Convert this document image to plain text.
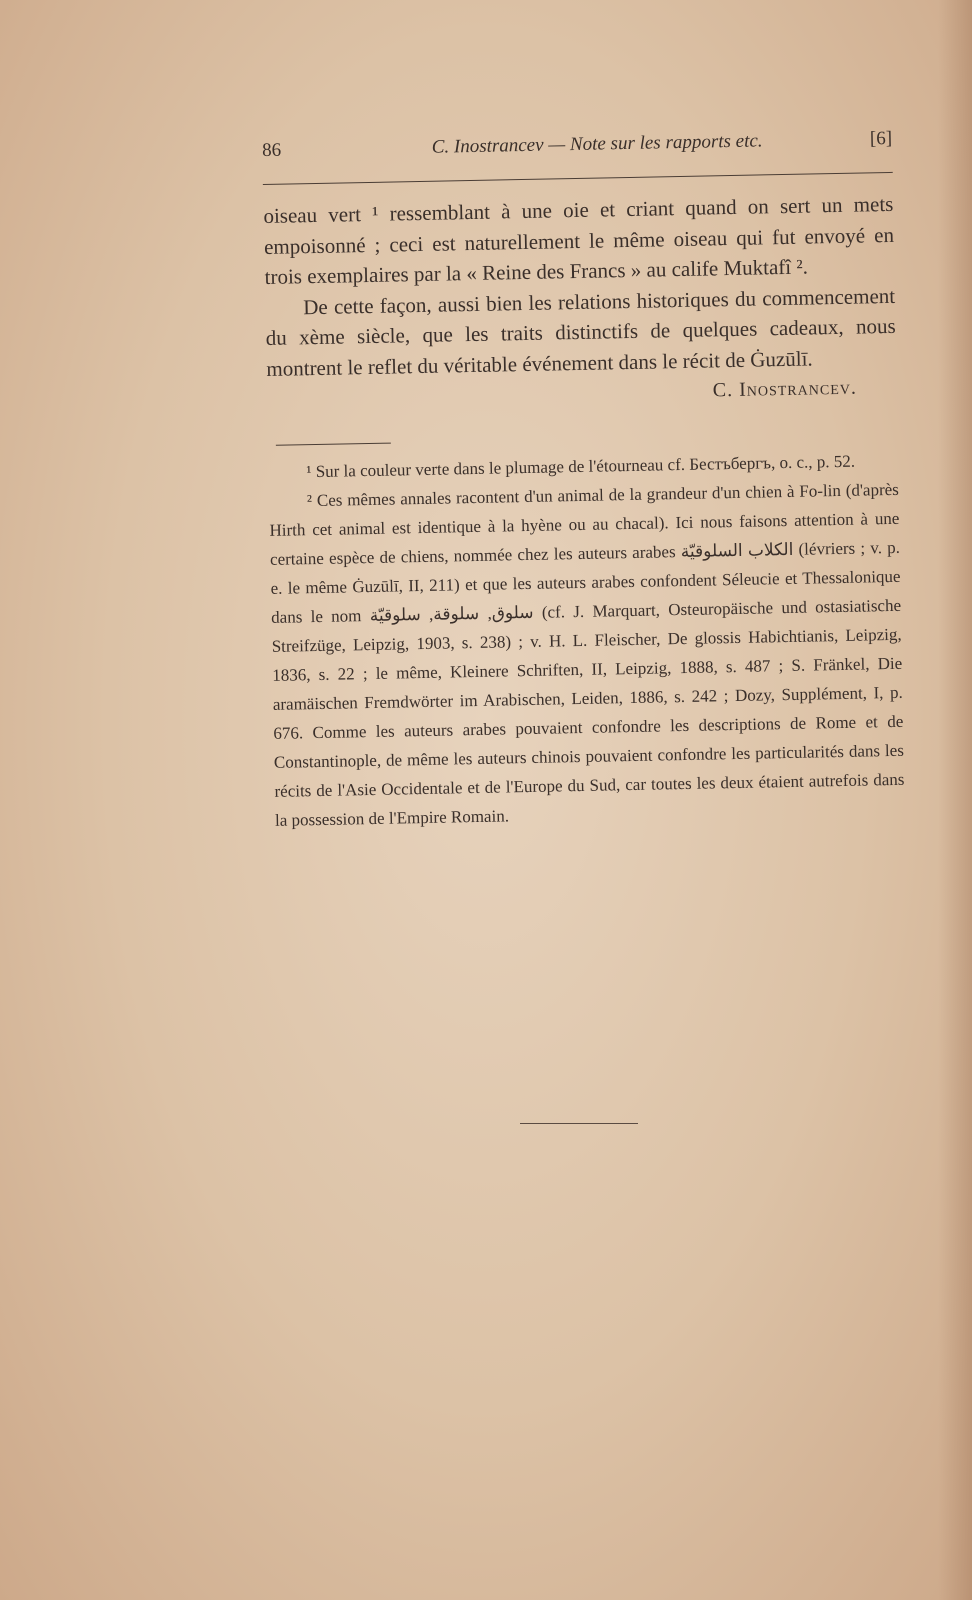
86	C. Inostrancev — Note sur les rapports etc.	[6]

oiseau vert ¹ ressemblant à une oie et criant quand on sert un mets empoisonné ; ceci est naturellement le même oiseau qui fut envoyé en trois exemplaires par la « Reine des Francs » au calife Muktafî ².

De cette façon, aussi bien les relations historiques du commencement du xème siècle, que les traits distinctifs de quelques cadeaux, nous montrent le reflet du véritable événement dans le récit de Ġuzūlī.

C. Inostrancev.

¹ Sur la couleur verte dans le plumage de l'étourneau cf. Бестъбергъ, o. c., p. 52.

² Ces mêmes annales racontent d'un animal de la grandeur d'un chien à Fo-lin (d'après Hirth cet animal est identique à la hyène ou au chacal). Ici nous faisons attention à une certaine espèce de chiens, nommée chez les auteurs arabes الكلاب السلوقيّة (lévriers ; v. p. e. le même Ġuzūlī, II, 211) et que les auteurs arabes confondent Séleucie et Thessalonique dans le nom سلوق, سلوقة, سلوقيّة (cf. J. Marquart, Osteuropäische und ostasiatische Streifzüge, Leipzig, 1903, s. 238) ; v. H. L. Fleischer, De glossis Habichtianis, Leipzig, 1836, s. 22 ; le même, Kleinere Schriften, II, Leipzig, 1888, s. 487 ; S. Fränkel, Die aramäischen Fremdwörter im Arabischen, Leiden, 1886, s. 242 ; Dozy, Supplément, I, p. 676. Comme les auteurs arabes pouvaient confondre les descriptions de Rome et de Constantinople, de même les auteurs chinois pouvaient confondre les particularités dans les récits de l'Asie Occidentale et de l'Europe du Sud, car toutes les deux étaient autrefois dans la possession de l'Empire Romain.
